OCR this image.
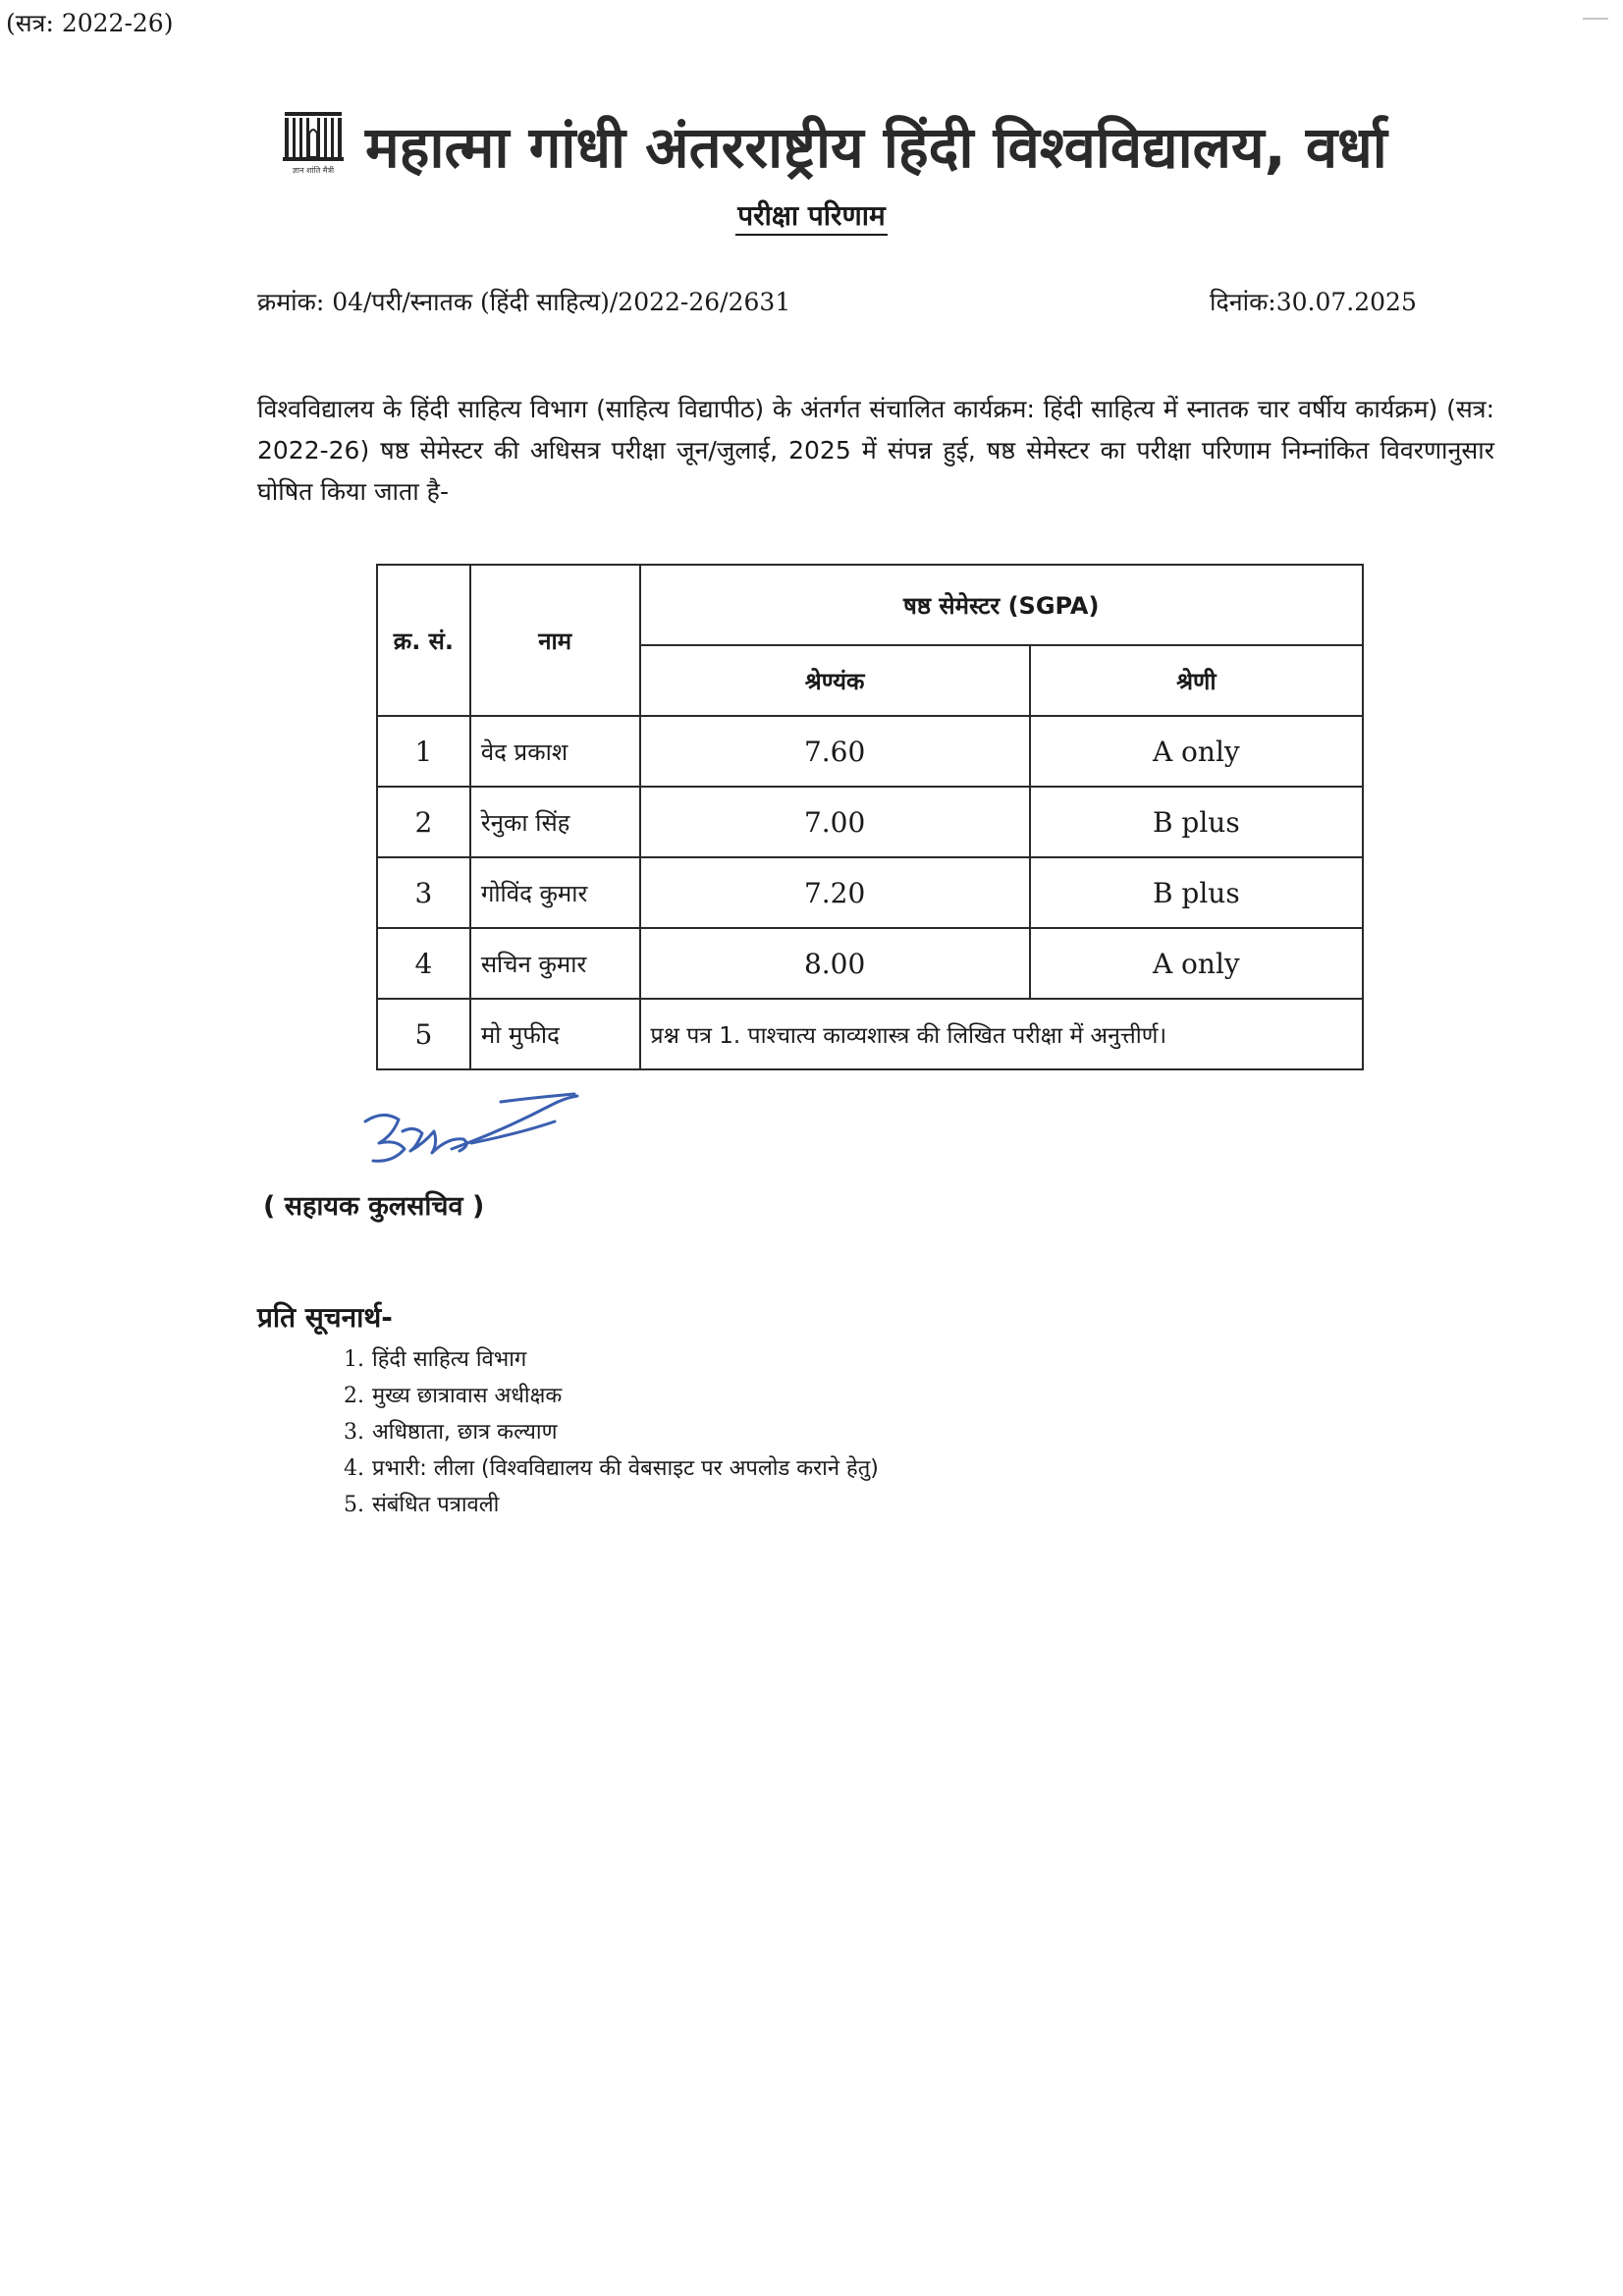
(सत्र: 2022-26)
ज्ञान शांति मैत्री महात्मा गांधी अंतरराष्ट्रीय हिंदी विश्वविद्यालय, वर्धा
परीक्षा परिणाम
क्रमांक: 04/परी/स्नातक (हिंदी साहित्य)/2022-26/2631	दिनांक:30.07.2025
विश्वविद्यालय के हिंदी साहित्य विभाग (साहित्य विद्यापीठ) के अंतर्गत संचालित कार्यक्रम: हिंदी साहित्य में स्नातक चार वर्षीय कार्यक्रम) (सत्र: 2022-26) षष्ठ सेमेस्टर की अधिसत्र परीक्षा जून/जुलाई, 2025 में संपन्न हुई, षष्ठ सेमेस्टर का परीक्षा परिणाम निम्नांकित विवरणानुसार घोषित किया जाता है-
क्र. सं.	नाम	षष्ठ सेमेस्टर (SGPA)	
		श्रेण्यंक	श्रेणी
1	वेद प्रकाश	7.60	A only
2	रेनुका सिंह	7.00	B plus
3	गोविंद कुमार	7.20	B plus
4	सचिन कुमार	8.00	A only
5	मो मुफीद	प्रश्न पत्र 1. पाश्चात्य काव्यशास्त्र की लिखित परीक्षा में अनुत्तीर्ण।	
( सहायक कुलसचिव )
प्रति सूचनार्थ-
1. हिंदी साहित्य विभाग
2. मुख्य छात्रावास अधीक्षक
3. अधिष्ठाता, छात्र कल्याण
4. प्रभारी: लीला (विश्वविद्यालय की वेबसाइट पर अपलोड कराने हेतु)
5. संबंधित पत्रावली
